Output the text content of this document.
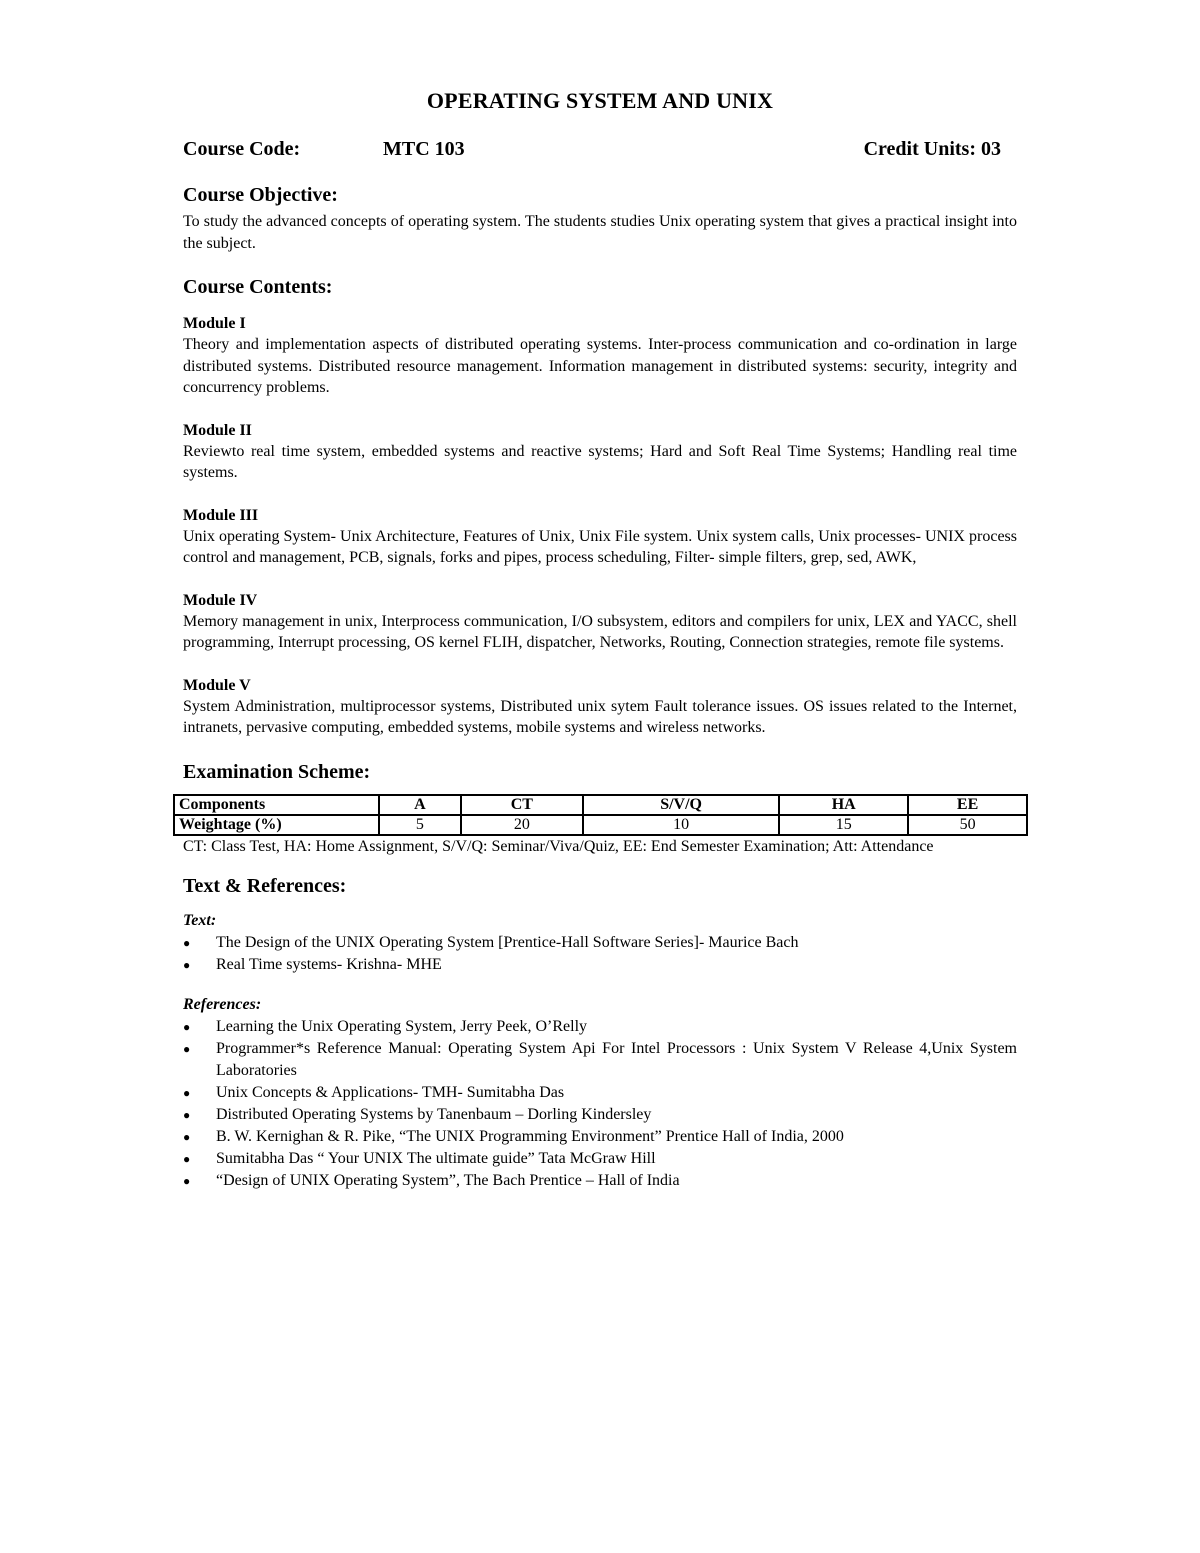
OPERATING SYSTEM AND UNIX
Course Code:	MTC 103	Credit Units: 03
Course Objective:

To study the advanced concepts of operating system. The students studies Unix operating system that gives a practical insight into the subject.

Course Contents:
Module I

Theory and implementation aspects of distributed operating systems. Inter-process communication and co-ordination in large distributed systems. Distributed resource management. Information management in distributed systems: security, integrity and concurrency problems.

Module II

Reviewto real time system, embedded systems and reactive systems; Hard and Soft Real Time Systems; Handling real time systems.

Module III

Unix operating System- Unix Architecture, Features of Unix, Unix File system. Unix system calls, Unix processes- UNIX process control and management, PCB, signals, forks and pipes, process scheduling, Filter- simple filters, grep, sed, AWK,

Module IV

Memory management in unix, Interprocess communication, I/O subsystem, editors and compilers for unix, LEX and YACC, shell programming, Interrupt processing, OS kernel FLIH, dispatcher, Networks, Routing, Connection strategies, remote file systems.

Module V

System Administration, multiprocessor systems, Distributed unix sytem Fault tolerance issues. OS issues related to the Internet, intranets, pervasive computing, embedded systems, mobile systems and wireless networks.

Examination Scheme:
Components	A	CT	S/V/Q	HA	EE
Weightage (%)	5	20	10	15	50

CT: Class Test, HA: Home Assignment, S/V/Q: Seminar/Viva/Quiz, EE: End Semester Examination; Att: Attendance

Text & References:
Text:
● The Design of the UNIX Operating System [Prentice-Hall Software Series]- Maurice Bach
● Real Time systems- Krishna- MHE
References:
● Learning the Unix Operating System, Jerry Peek, O’Relly
● Programmer*s Reference Manual: Operating System Api For Intel Processors : Unix System V Release 4,Unix System Laboratories
● Unix Concepts & Applications- TMH- Sumitabha Das
● Distributed Operating Systems by Tanenbaum – Dorling Kindersley
● B. W. Kernighan & R. Pike, “The UNIX Programming Environment” Prentice Hall of India, 2000
● Sumitabha Das “ Your UNIX The ultimate guide” Tata McGraw Hill
● “Design of UNIX Operating System”, The Bach Prentice – Hall of India
